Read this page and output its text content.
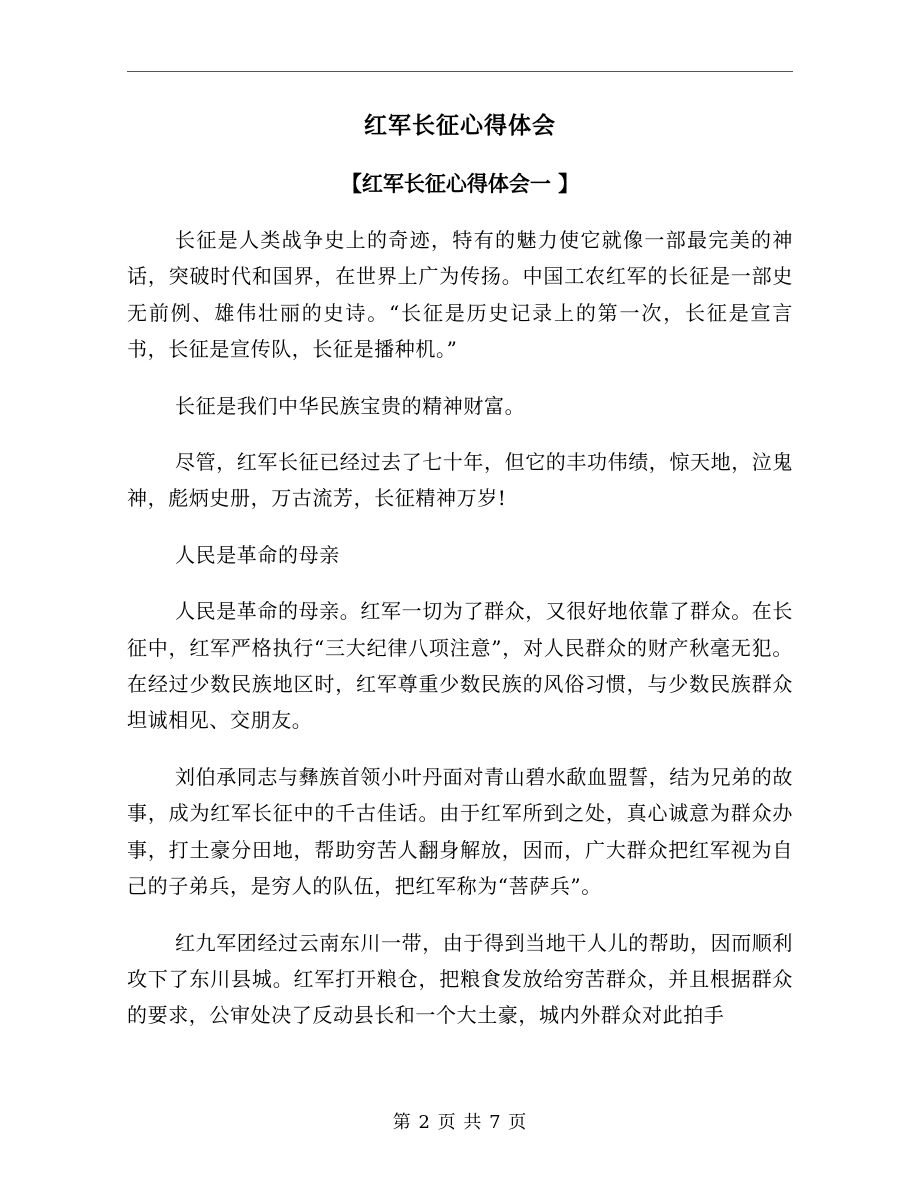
红军长征心得体会
【红军长征心得体会一 】

长征是人类战争史上的奇迹，特有的魅力使它就像一部最完美的神话，突破时代和国界，在世界上广为传扬。中国工农红军的长征是一部史无前例、雄伟壮丽的史诗。“长征是历史记录上的第一次，长征是宣言书，长征是宣传队，长征是播种机。”

长征是我们中华民族宝贵的精神财富。

尽管，红军长征已经过去了七十年，但它的丰功伟绩，惊天地，泣鬼神，彪炳史册，万古流芳，长征精神万岁!

人民是革命的母亲

人民是革命的母亲。红军一切为了群众，又很好地依靠了群众。在长征中，红军严格执行“三大纪律八项注意”，对人民群众的财产秋毫无犯。在经过少数民族地区时，红军尊重少数民族的风俗习惯，与少数民族群众坦诚相见、交朋友。

刘伯承同志与彝族首领小叶丹面对青山碧水歃血盟誓，结为兄弟的故事，成为红军长征中的千古佳话。由于红军所到之处，真心诚意为群众办事，打土豪分田地，帮助穷苦人翻身解放，因而，广大群众把红军视为自己的子弟兵，是穷人的队伍，把红军称为“菩萨兵”。

红九军团经过云南东川一带，由于得到当地干人儿的帮助，因而顺利攻下了东川县城。红军打开粮仓，把粮食发放给穷苦群众，并且根据群众的要求，公审处决了反动县长和一个大土豪，城内外群众对此拍手

第 2 页 共 7 页
